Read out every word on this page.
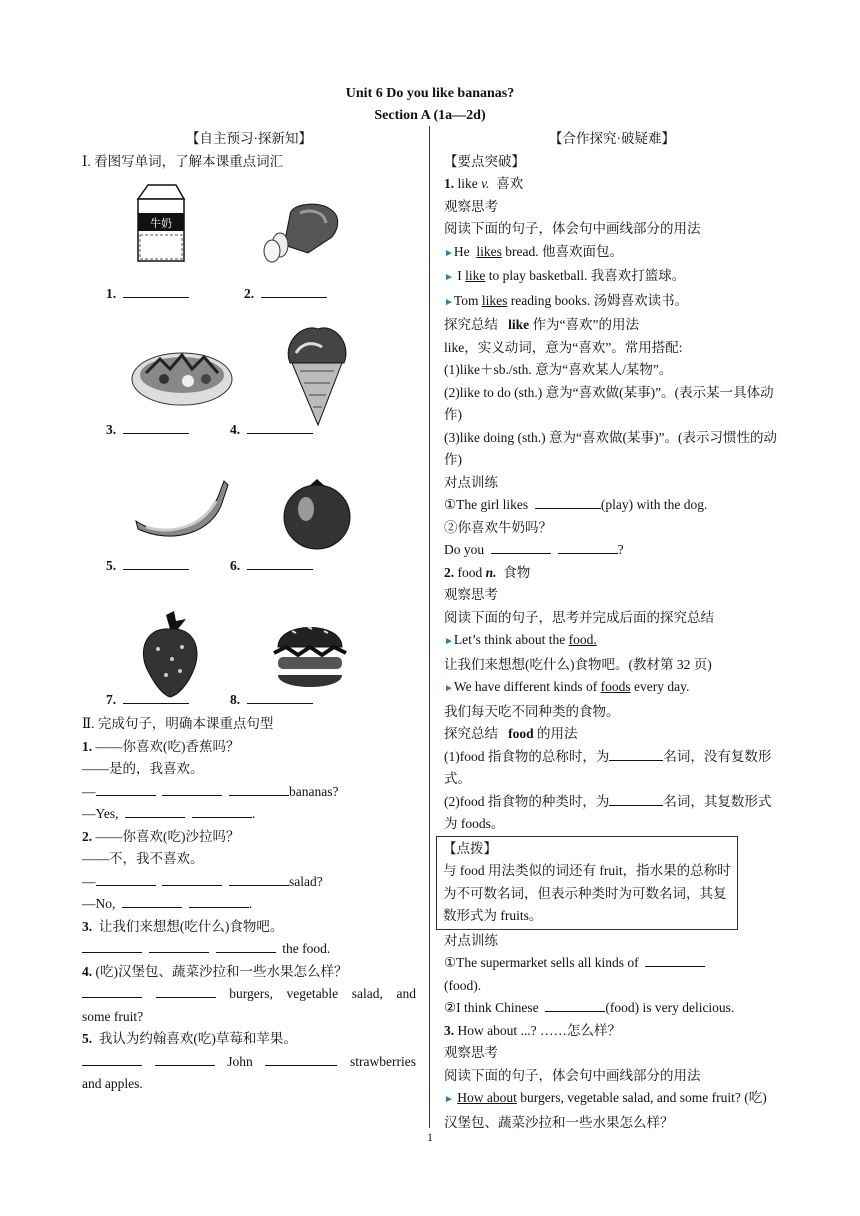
Unit 6 Do you like bananas?
Section A (1a—2d)
【自主预习·探新知】
Ⅰ. 看图写单词，了解本课重点词汇
牛奶
1.	2.
3.	4.
5.	6.
7.	8.
Ⅱ. 完成句子，明确本课重点句型
1. ——你喜欢(吃)香蕉吗？
——是的，我喜欢。
—	bananas?
—Yes,	.
2. ——你喜欢(吃)沙拉吗？
——不，我不喜欢。
—	salad?
—No,	.
3. 让我们来想想(吃什么)食物吧。
the food.
4. (吃)汉堡包、蔬菜沙拉和一些水果怎么样？
burgers, vegetable salad, and
some fruit?
5. 我认为约翰喜欢(吃)草莓和苹果。
John	strawberries
and apples.
【合作探究·破疑难】
【要点突破】
1. like v. 喜欢
观察思考
阅读下面的句子，体会句中画线部分的用法
►He likes bread. 他喜欢面包。
► I like to play basketball. 我喜欢打篮球。
►Tom likes reading books. 汤姆喜欢读书。
探究总结 like 作为“喜欢”的用法
like，实义动词，意为“喜欢”。常用搭配:
(1)like＋sb./sth. 意为“喜欢某人/某物”。
(2)like to do (sth.) 意为“喜欢做(某事)”。(表示某一具体动作)
(3)like doing (sth.) 意为“喜欢做(某事)”。(表示习惯性的动作)
对点训练
①The girl likes	(play) with the dog.
②你喜欢牛奶吗？
Do you	?
2. food n. 食物
观察思考
阅读下面的句子，思考并完成后面的探究总结
►Let’s think about the food.
让我们来想想(吃什么)食物吧。(教材第 32 页)
►We have different kinds of foods every day.
我们每天吃不同种类的食物。
探究总结 food 的用法
(1)food 指食物的总称时，为	名词，没有复数形式。
(2)food 指食物的种类时，为	名词，其复数形式为 foods。
【点拨】
与 food 用法类似的词还有 fruit，指水果的总称时为不可数名词，但表示种类时为可数名词，其复数形式为 fruits。
对点训练
①The supermarket sells all kinds of
(food).
②I think Chinese	(food) is very delicious.
3. How about ...? ……怎么样？
观察思考
阅读下面的句子，体会句中画线部分的用法
► How about burgers, vegetable salad, and some fruit? (吃)汉堡包、蔬菜沙拉和一些水果怎么样？
1
